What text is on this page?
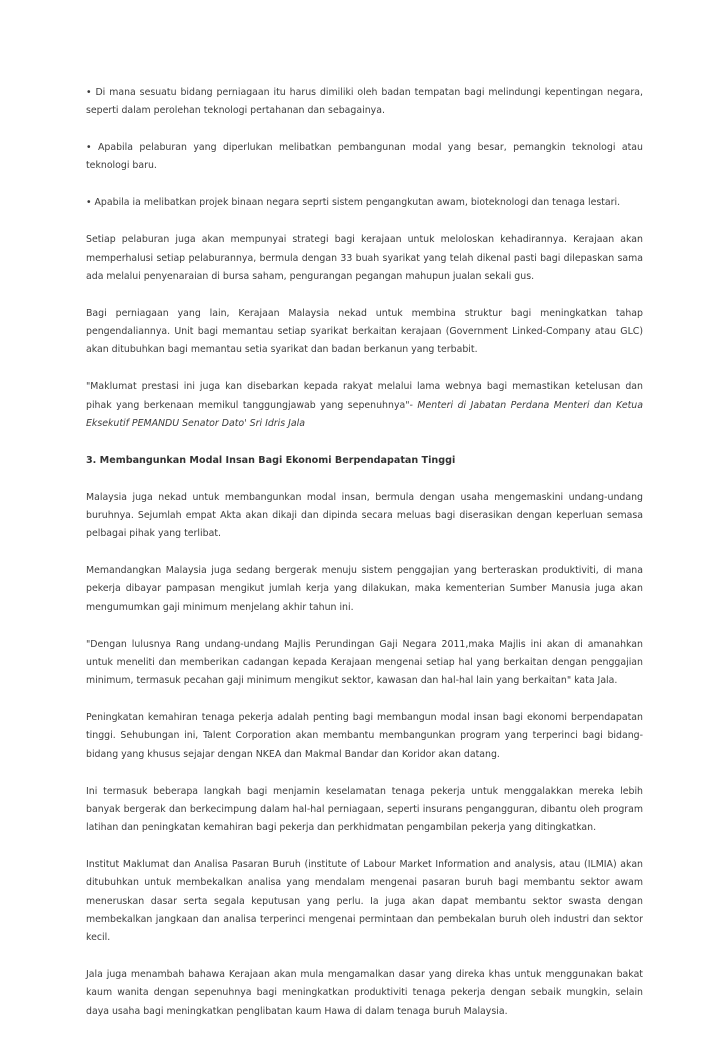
• Di mana sesuatu bidang perniagaan itu harus dimiliki oleh badan tempatan bagi melindungi kepentingan negara, seperti dalam perolehan teknologi pertahanan dan sebagainya.

• Apabila pelaburan yang diperlukan melibatkan pembangunan modal yang besar, pemangkin teknologi atau teknologi baru.

• Apabila ia melibatkan projek binaan negara seprti sistem pengangkutan awam, bioteknologi dan tenaga lestari.

Setiap pelaburan juga akan mempunyai strategi bagi kerajaan untuk meloloskan kehadirannya. Kerajaan akan memperhalusi setiap pelaburannya, bermula dengan 33 buah syarikat yang telah dikenal pasti bagi dilepaskan sama ada melalui penyenaraian di bursa saham, pengurangan pegangan mahupun jualan sekali gus.

Bagi perniagaan yang lain, Kerajaan Malaysia nekad untuk membina struktur bagi meningkatkan tahap pengendaliannya. Unit bagi memantau setiap syarikat berkaitan kerajaan (Government Linked-Company atau GLC) akan ditubuhkan bagi memantau setia syarikat dan badan berkanun yang terbabit.

"Maklumat prestasi ini juga kan disebarkan kepada rakyat melalui lama webnya bagi memastikan ketelusan dan pihak yang berkenaan memikul tanggungjawab yang sepenuhnya"- Menteri di Jabatan Perdana Menteri dan Ketua Eksekutif PEMANDU Senator Dato' Sri Idris Jala

3. Membangunkan Modal Insan Bagi Ekonomi Berpendapatan Tinggi

Malaysia juga nekad untuk membangunkan modal insan, bermula dengan usaha mengemaskini undang-undang buruhnya. Sejumlah empat Akta akan dikaji dan dipinda secara meluas bagi diserasikan dengan keperluan semasa pelbagai pihak yang terlibat.

Memandangkan Malaysia juga sedang bergerak menuju sistem penggajian yang berteraskan produktiviti, di mana pekerja dibayar pampasan mengikut jumlah kerja yang dilakukan, maka kementerian Sumber Manusia juga akan mengumumkan gaji minimum menjelang akhir tahun ini.

"Dengan lulusnya Rang undang-undang Majlis Perundingan Gaji Negara 2011,maka Majlis ini akan di amanahkan untuk meneliti dan memberikan cadangan kepada Kerajaan mengenai setiap hal yang berkaitan dengan penggajian minimum, termasuk pecahan gaji minimum mengikut sektor, kawasan dan hal-hal lain yang berkaitan" kata Jala.

Peningkatan kemahiran tenaga pekerja adalah penting bagi membangun modal insan bagi ekonomi berpendapatan tinggi. Sehubungan ini, Talent Corporation akan membantu membangunkan program yang terperinci bagi bidang-bidang yang khusus sejajar dengan NKEA dan Makmal Bandar dan Koridor akan datang.

Ini termasuk beberapa langkah bagi menjamin keselamatan tenaga pekerja untuk menggalakkan mereka lebih banyak bergerak dan berkecimpung dalam hal-hal perniagaan, seperti insurans pengangguran, dibantu oleh program latihan dan peningkatan kemahiran bagi pekerja dan perkhidmatan pengambilan pekerja yang ditingkatkan.

Institut Maklumat dan Analisa Pasaran Buruh (institute of Labour Market Information and analysis, atau (ILMIA) akan ditubuhkan untuk membekalkan analisa yang mendalam mengenai pasaran buruh bagi membantu sektor awam meneruskan dasar serta segala keputusan yang perlu. Ia juga akan dapat membantu sektor swasta dengan membekalkan jangkaan dan analisa terperinci mengenai permintaan dan pembekalan buruh oleh industri dan sektor kecil.

Jala juga menambah bahawa Kerajaan akan mula mengamalkan dasar yang direka khas untuk menggunakan bakat kaum wanita dengan sepenuhnya bagi meningkatkan produktiviti tenaga pekerja dengan sebaik mungkin, selain daya usaha bagi meningkatkan penglibatan kaum Hawa di dalam tenaga buruh Malaysia.
